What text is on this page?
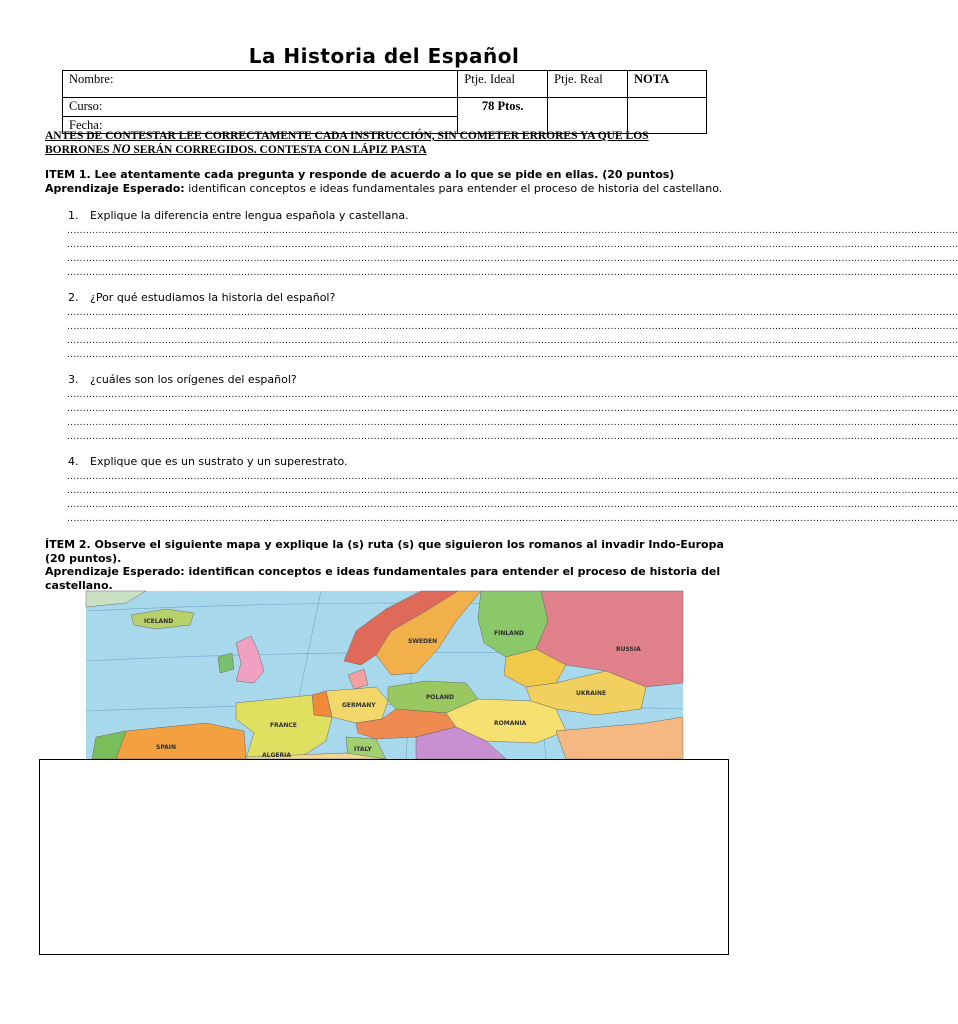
La Historia del Español
Nombre:	Ptje. Ideal	Ptje. Real	NOTA

Curso:
Fecha:	78 Ptos.		
ANTES DE CONTESTAR LEE CORRECTAMENTE CADA INSTRUCCIÓN, SIN COMETER ERRORES YA QUE LOS
BORRONES NO SERÁN CORREGIDOS. CONTESTA CON LÁPIZ PASTA
ITEM 1. Lee atentamente cada pregunta y responde de acuerdo a lo que se pide en ellas. (20 puntos)
Aprendizaje Esperado: identifican conceptos e ideas fundamentales para entender el proceso de historia del castellano.
1. Explique la diferencia entre lengua española y castellana.
..........................................................................................................................................................................................................................................................................................
..........................................................................................................................................................................................................................................................................................
..........................................................................................................................................................................................................................................................................................
..........................................................................................................................................................................................................................................................................................
2. ¿Por qué estudiamos la historia del español?
..........................................................................................................................................................................................................................................................................................
..........................................................................................................................................................................................................................................................................................
..........................................................................................................................................................................................................................................................................................
..........................................................................................................................................................................................................................................................................................
3. ¿cuáles son los orígenes del español?
..........................................................................................................................................................................................................................................................................................
..........................................................................................................................................................................................................................................................................................
..........................................................................................................................................................................................................................................................................................
..........................................................................................................................................................................................................................................................................................
4. Explique que es un sustrato y un superestrato.
..........................................................................................................................................................................................................................................................................................
..........................................................................................................................................................................................................................................................................................
..........................................................................................................................................................................................................................................................................................
..........................................................................................................................................................................................................................................................................................
ÍTEM 2. Observe el siguiente mapa y explique la (s) ruta (s) que siguieron los romanos al invadir Indo-Europa (20 puntos).
Aprendizaje Esperado: identifican conceptos e ideas fundamentales para entender el proceso de historia del castellano.
ICELAND
SWEDEN
FINLAND
RUSSIA
GERMANY
POLAND
UKRAINE
FRANCE
SPAIN	ITALY
ROMANIA
ALGERIA
